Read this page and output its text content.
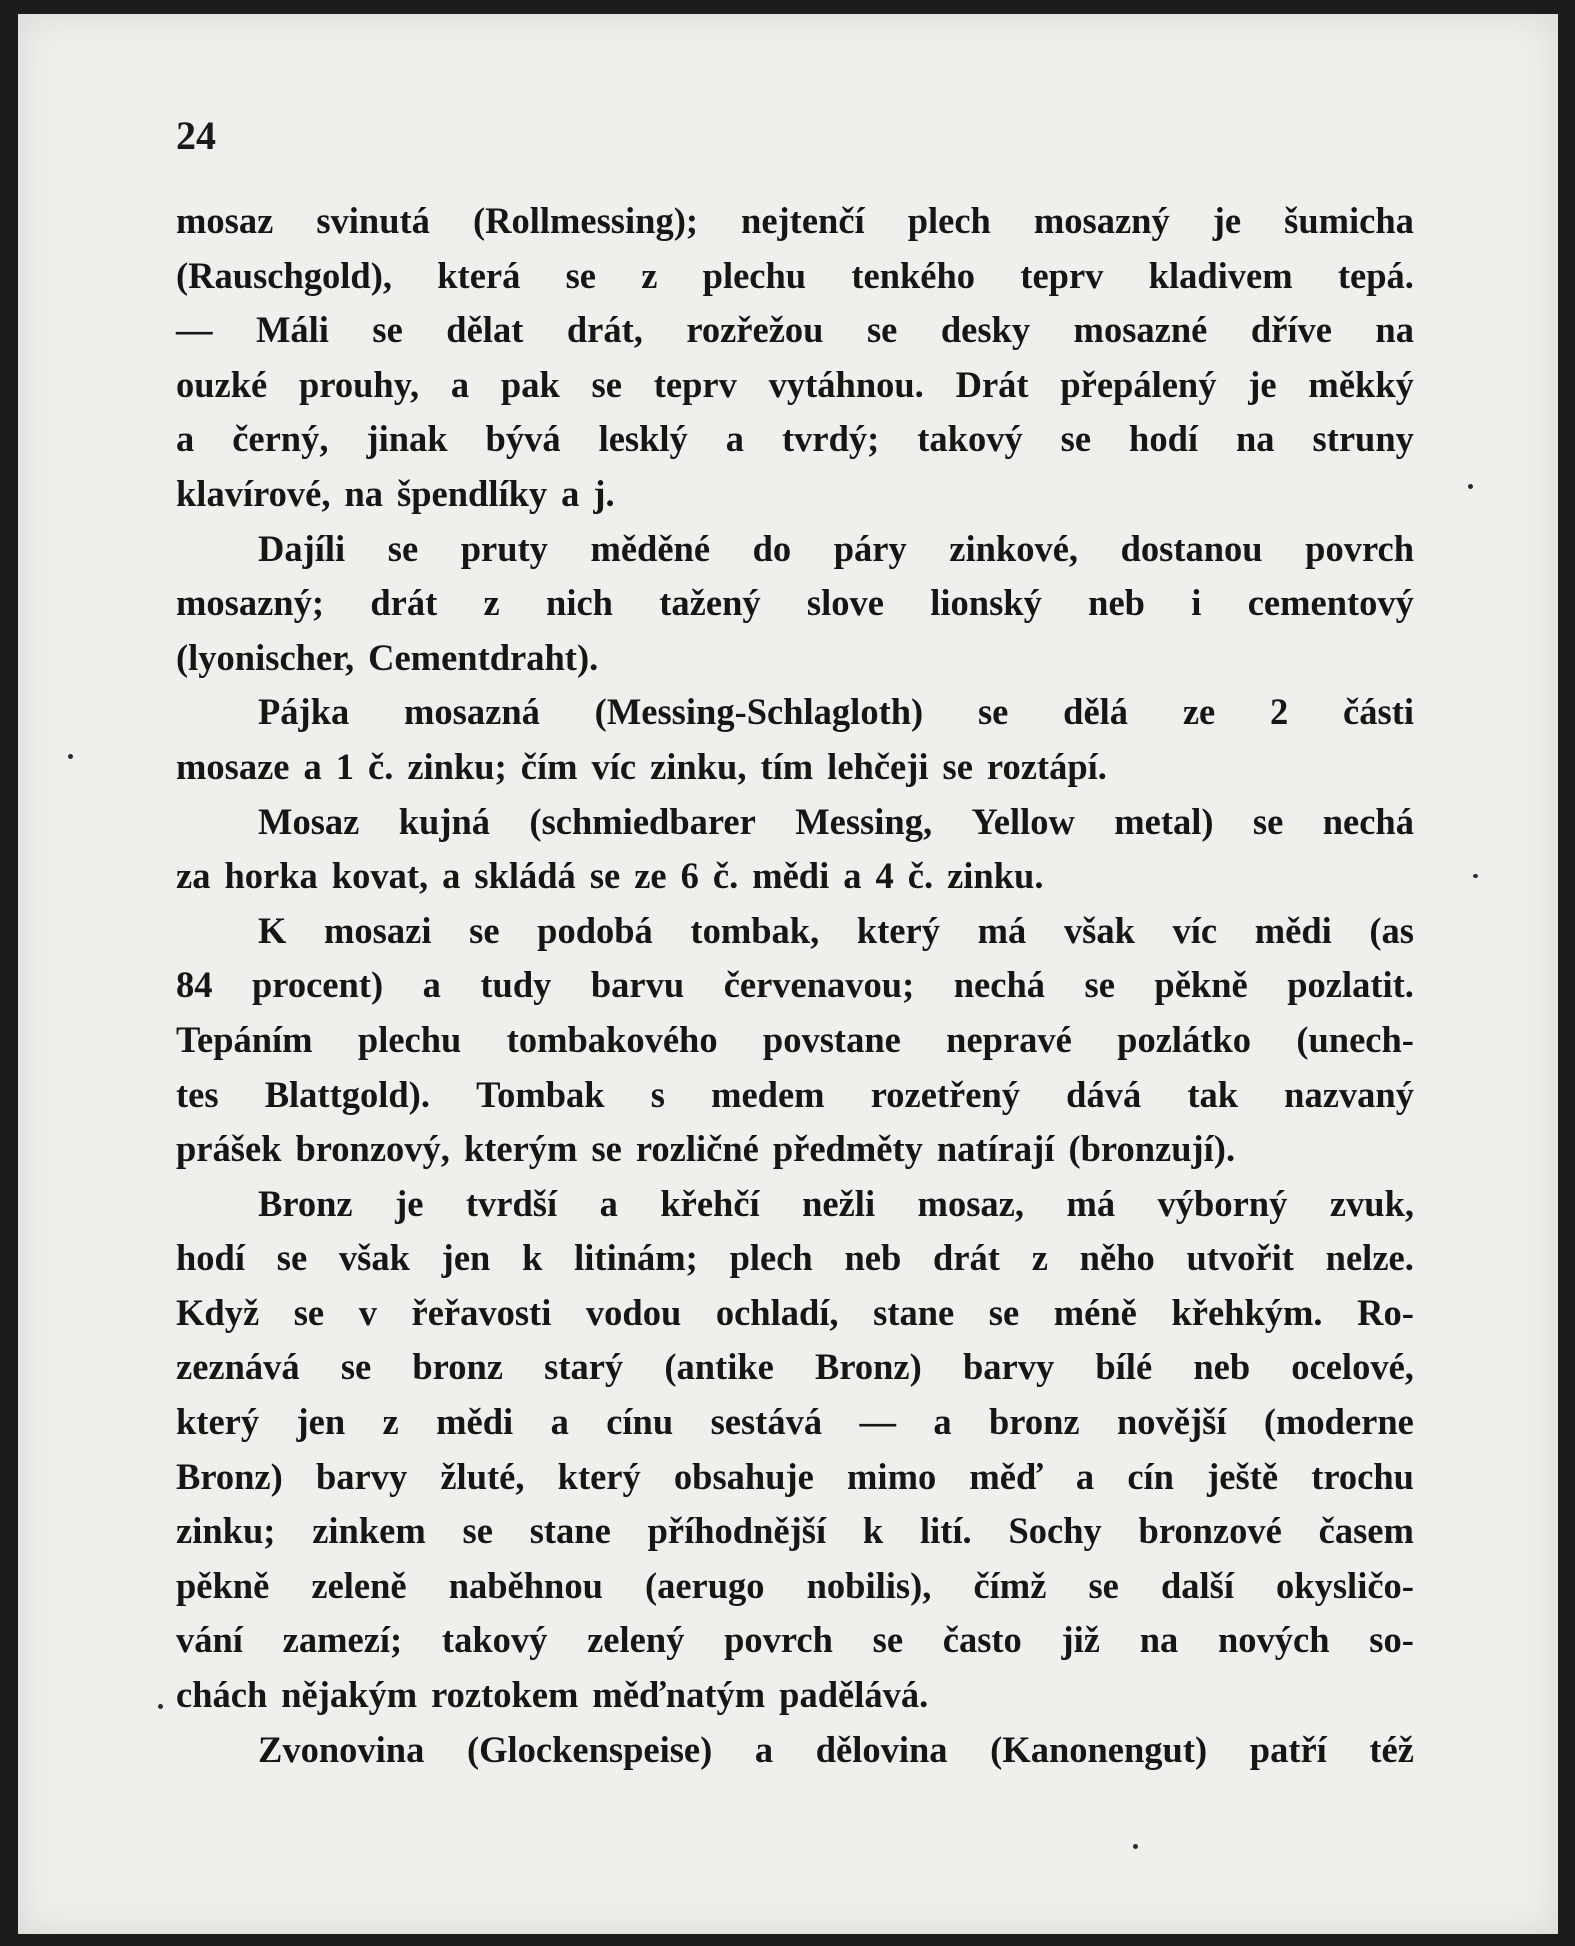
24
mosaz svinutá (Rollmessing); nejtenčí plech mosazný je šumicha
(Rauschgold), která se z plechu tenkého teprv kladivem tepá.
— Máli se dělat drát, rozřežou se desky mosazné dříve na
ouzké prouhy, a pak se teprv vytáhnou. Drát přepálený je měkký
a černý, jinak bývá lesklý a tvrdý; takový se hodí na struny
klavírové, na špendlíky a j.
Dajíli se pruty měděné do páry zinkové, dostanou povrch
mosazný; drát z nich tažený slove lionský neb i cementový
(lyonischer, Cementdraht).
Pájka mosazná (Messing-Schlagloth) se dělá ze 2 části
mosaze a 1 č. zinku; čím víc zinku, tím lehčeji se roztápí.
Mosaz kujná (schmiedbarer Messing, Yellow metal) se nechá
za horka kovat, a skládá se ze 6 č. mědi a 4 č. zinku.
K mosazi se podobá tombak, který má však víc mědi (as
84 procent) a tudy barvu červenavou; nechá se pěkně pozlatit.
Tepáním plechu tombakového povstane nepravé pozlátko (unech-
tes Blattgold). Tombak s medem rozetřený dává tak nazvaný
prášek bronzový, kterým se rozličné předměty natírají (bronzují).
Bronz je tvrdší a křehčí nežli mosaz, má výborný zvuk,
hodí se však jen k litinám; plech neb drát z něho utvořit nelze.
Když se v řeřavosti vodou ochladí, stane se méně křehkým. Ro-
zeznává se bronz starý (antike Bronz) barvy bílé neb ocelové,
který jen z mědi a cínu sestává — a bronz novější (moderne
Bronz) barvy žluté, který obsahuje mimo měď a cín ještě trochu
zinku; zinkem se stane příhodnější k lití. Sochy bronzové časem
pěkně zeleně naběhnou (aerugo nobilis), čímž se další okysličo-
vání zamezí; takový zelený povrch se často již na nových so-
chách nějakým roztokem měďnatým padělává.
Zvonovina (Glockenspeise) a dělovina (Kanonengut) patří též
